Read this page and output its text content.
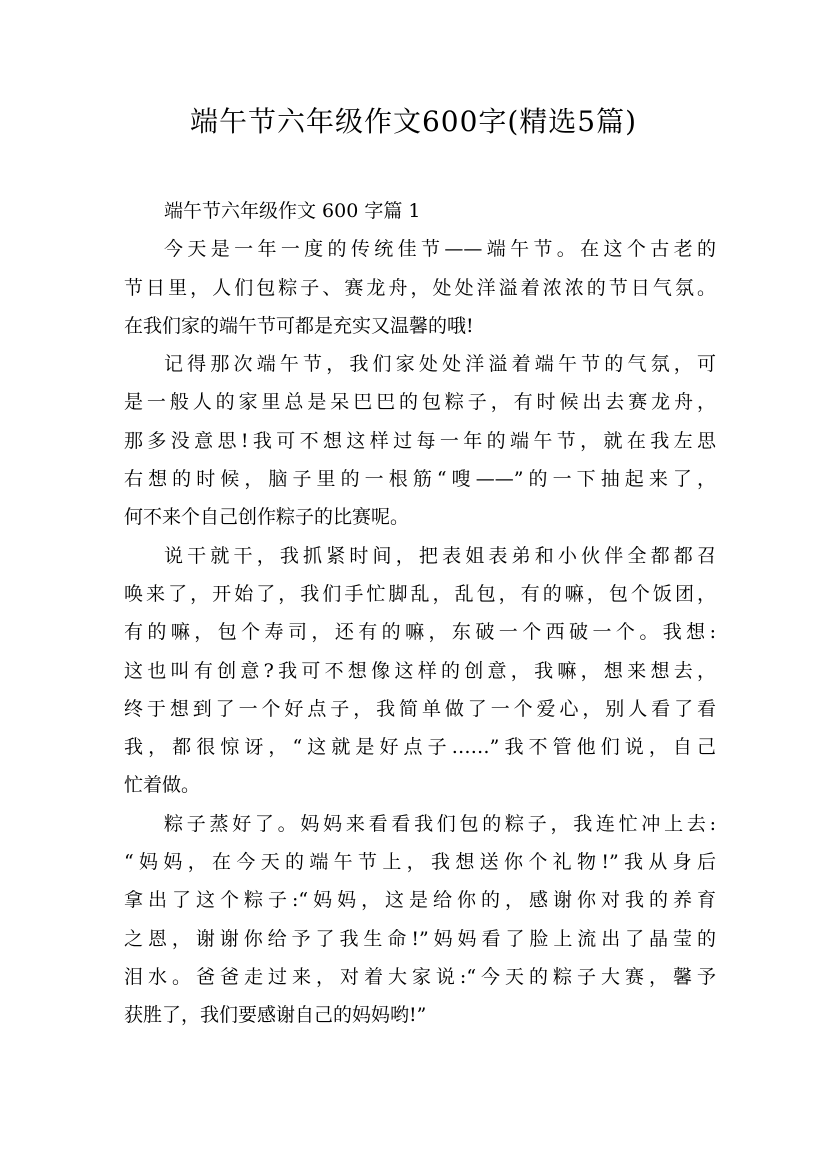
端午节六年级作文600字(精选5篇)
端午节六年级作文 600 字篇 1
今天是一年一度的传统佳节——端午节。在这个古老的
节日里，人们包粽子、赛龙舟，处处洋溢着浓浓的节日气氛。
在我们家的端午节可都是充实又温馨的哦!
记得那次端午节，我们家处处洋溢着端午节的气氛，可
是一般人的家里总是呆巴巴的包粽子，有时候出去赛龙舟，
那多没意思!我可不想这样过每一年的端午节，就在我左思
右想的时候，脑子里的一根筋“嗖——”的一下抽起来了，
何不来个自己创作粽子的比赛呢。
说干就干，我抓紧时间，把表姐表弟和小伙伴全都都召
唤来了，开始了，我们手忙脚乱，乱包，有的嘛，包个饭团，
有的嘛，包个寿司，还有的嘛，东破一个西破一个。我想:
这也叫有创意?我可不想像这样的创意，我嘛，想来想去，
终于想到了一个好点子，我简单做了一个爱心，别人看了看
我，都很惊讶，“这就是好点子……”我不管他们说，自己
忙着做。
粽子蒸好了。妈妈来看看我们包的粽子，我连忙冲上去:
“妈妈，在今天的端午节上，我想送你个礼物!”我从身后
拿出了这个粽子:“妈妈，这是给你的，感谢你对我的养育
之恩，谢谢你给予了我生命!”妈妈看了脸上流出了晶莹的
泪水。爸爸走过来，对着大家说:“今天的粽子大赛，馨予
获胜了，我们要感谢自己的妈妈哟!”
